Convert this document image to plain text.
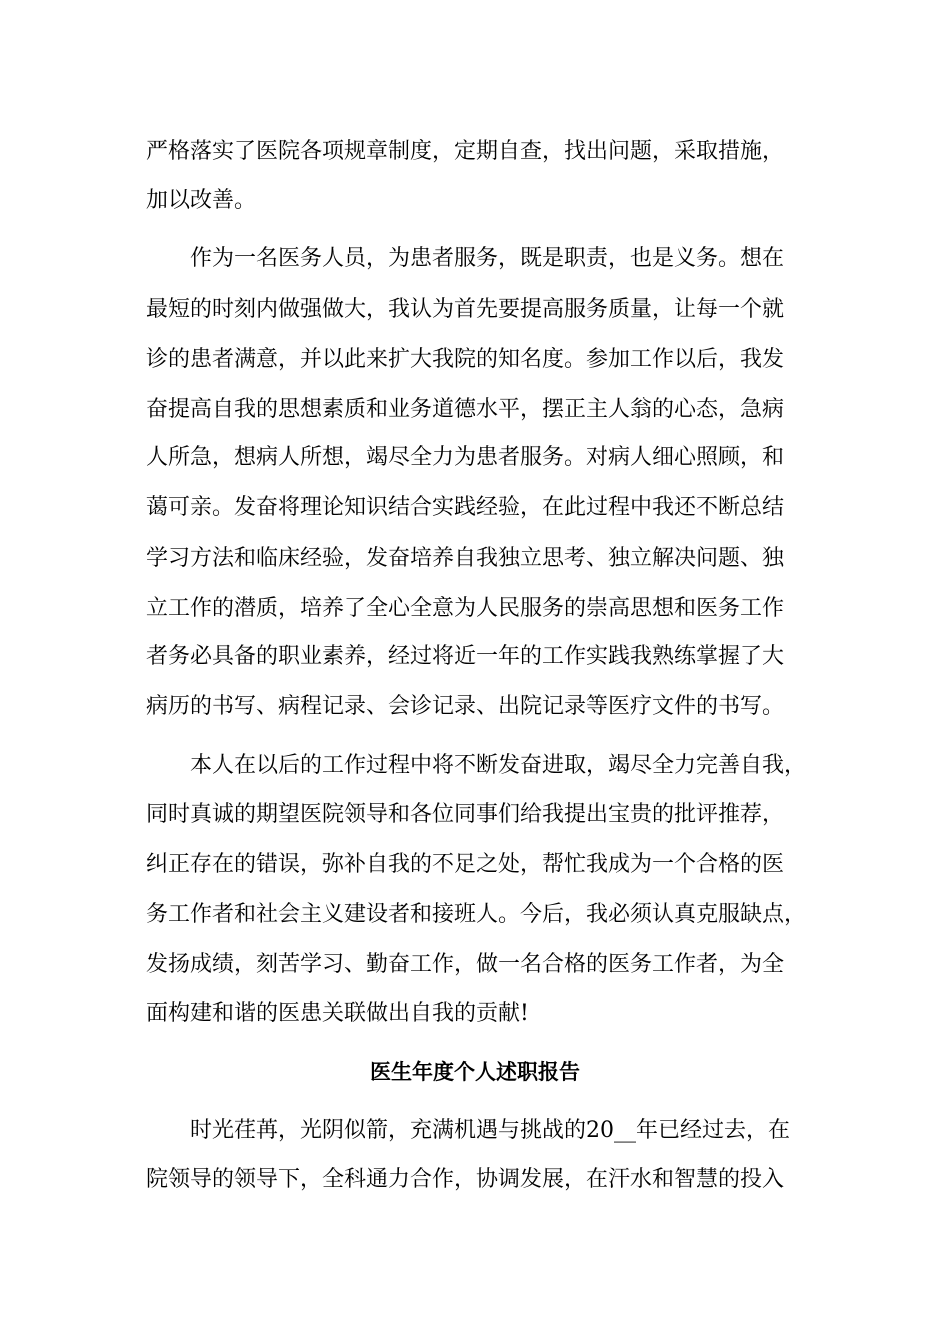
严格落实了医院各项规章制度，定期自查，找出问题，采取措施，
加以改善。
作为一名医务人员，为患者服务，既是职责，也是义务。想在
最短的时刻内做强做大，我认为首先要提高服务质量，让每一个就
诊的患者满意，并以此来扩大我院的知名度。参加工作以后，我发
奋提高自我的思想素质和业务道德水平，摆正主人翁的心态，急病
人所急，想病人所想，竭尽全力为患者服务。对病人细心照顾，和
蔼可亲。发奋将理论知识结合实践经验，在此过程中我还不断总结
学习方法和临床经验，发奋培养自我独立思考、独立解决问题、独
立工作的潜质，培养了全心全意为人民服务的崇高思想和医务工作
者务必具备的职业素养，经过将近一年的工作实践我熟练掌握了大
病历的书写、病程记录、会诊记录、出院记录等医疗文件的书写。
本人在以后的工作过程中将不断发奋进取，竭尽全力完善自我，
同时真诚的期望医院领导和各位同事们给我提出宝贵的批评推荐，
纠正存在的错误，弥补自我的不足之处，帮忙我成为一个合格的医
务工作者和社会主义建设者和接班人。今后，我必须认真克服缺点，
发扬成绩，刻苦学习、勤奋工作，做一名合格的医务工作者，为全
面构建和谐的医患关联做出自我的贡献!
医生年度个人述职报告
时光荏苒，光阴似箭，充满机遇与挑战的20__年已经过去，在
院领导的领导下，全科通力合作，协调发展，在汗水和智慧的投入
